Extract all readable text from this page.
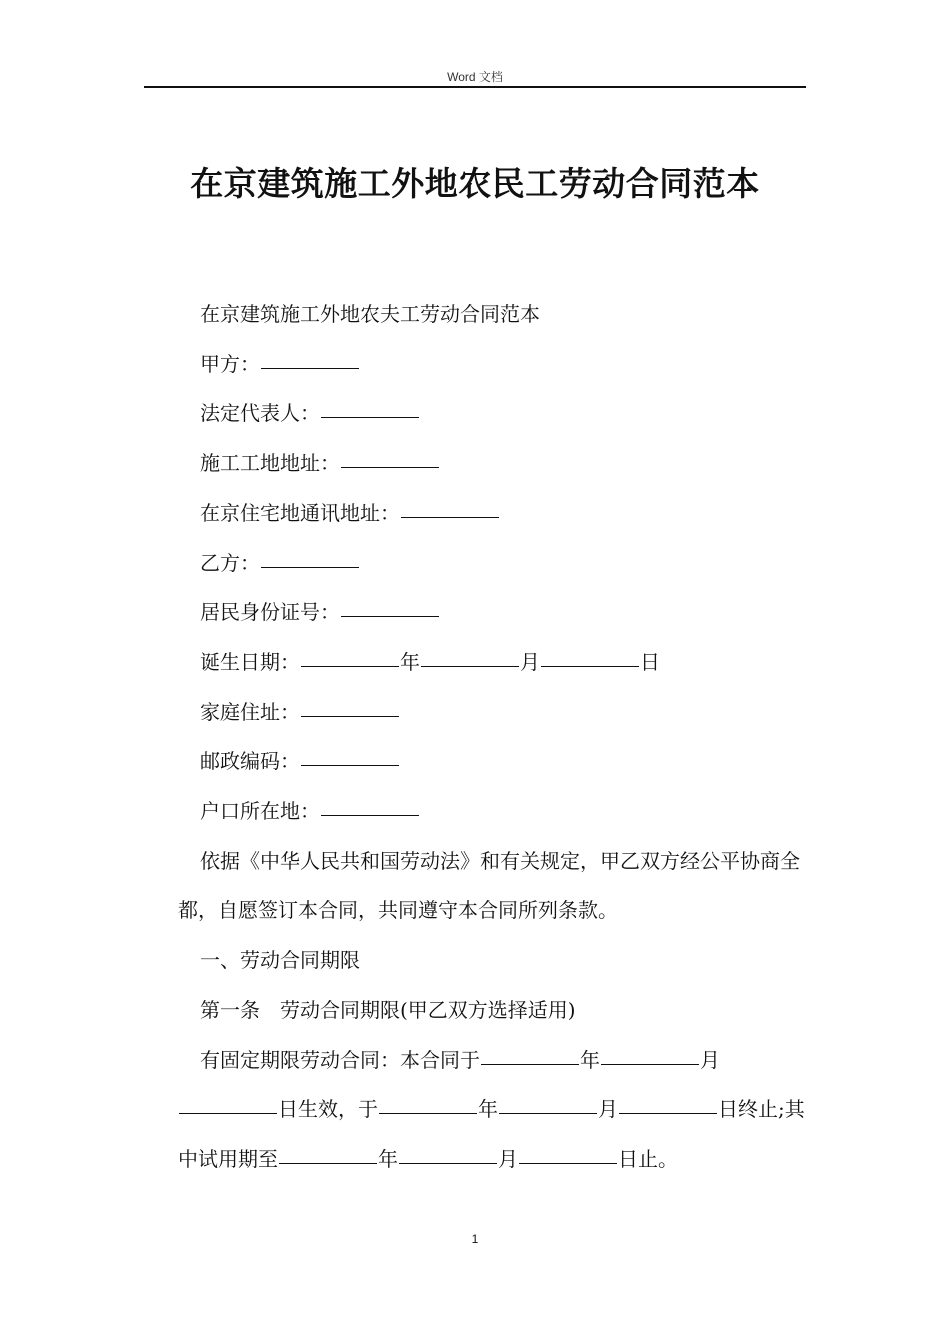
Word 文档
在京建筑施工外地农民工劳动合同范本

在京建筑施工外地农夫工劳动合同范本

甲方：

法定代表人：

施工工地地址：

在京住宅地通讯地址：

乙方：

居民身份证号：

诞生日期：	年	月	日

家庭住址：

邮政编码：

户口所在地：

依据《中华人民共和国劳动法》和有关规定，甲乙双方经公平协商全都，自愿签订本合同，共同遵守本合同所列条款。

一、劳动合同期限

第一条　劳动合同期限(甲乙双方选择适用)

有固定期限劳动合同：本合同于	年	月日生效，于	年	月	日终止;其中试用期至	年	月	日止。

1
